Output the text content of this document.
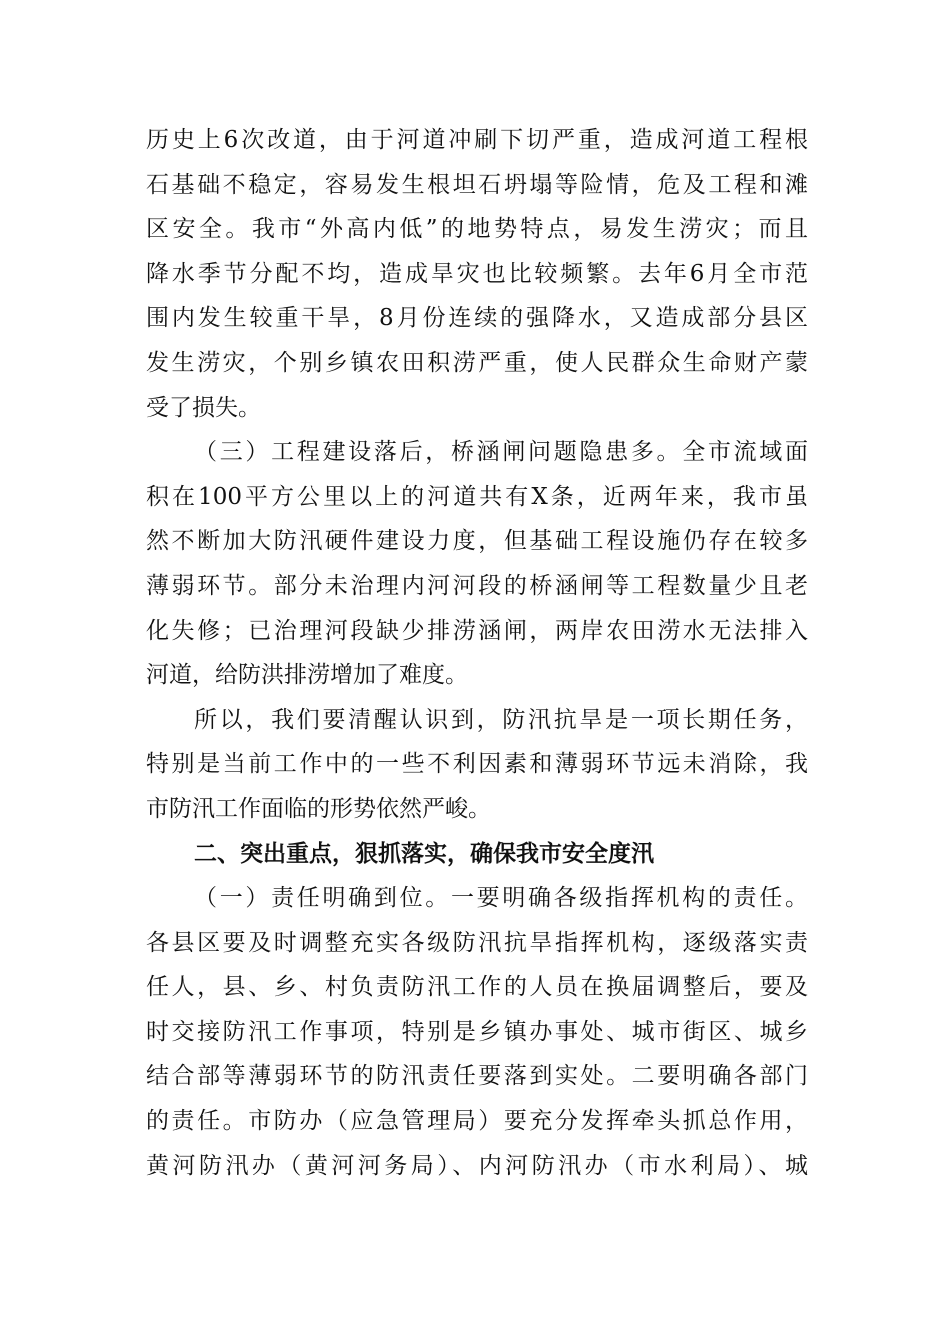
历史上6次改道，由于河道冲刷下切严重，造成河道工程根
石基础不稳定，容易发生根坦石坍塌等险情，危及工程和滩
区安全。我市“外高内低”的地势特点，易发生涝灾；而且
降水季节分配不均，造成旱灾也比较频繁。去年6月全市范
围内发生较重干旱，8月份连续的强降水，又造成部分县区
发生涝灾，个别乡镇农田积涝严重，使人民群众生命财产蒙
受了损失。
（三）工程建设落后，桥涵闸问题隐患多。全市流域面
积在100平方公里以上的河道共有X条，近两年来，我市虽
然不断加大防汛硬件建设力度，但基础工程设施仍存在较多
薄弱环节。部分未治理内河河段的桥涵闸等工程数量少且老
化失修；已治理河段缺少排涝涵闸，两岸农田涝水无法排入
河道，给防洪排涝增加了难度。
所以，我们要清醒认识到，防汛抗旱是一项长期任务，
特别是当前工作中的一些不利因素和薄弱环节远未消除，我
市防汛工作面临的形势依然严峻。
二、突出重点，狠抓落实，确保我市安全度汛
（一）责任明确到位。一要明确各级指挥机构的责任。
各县区要及时调整充实各级防汛抗旱指挥机构，逐级落实责
任人，县、乡、村负责防汛工作的人员在换届调整后，要及
时交接防汛工作事项，特别是乡镇办事处、城市街区、城乡
结合部等薄弱环节的防汛责任要落到实处。二要明确各部门
的责任。市防办（应急管理局）要充分发挥牵头抓总作用，
黄河防汛办（黄河河务局）、内河防汛办（市水利局）、城
